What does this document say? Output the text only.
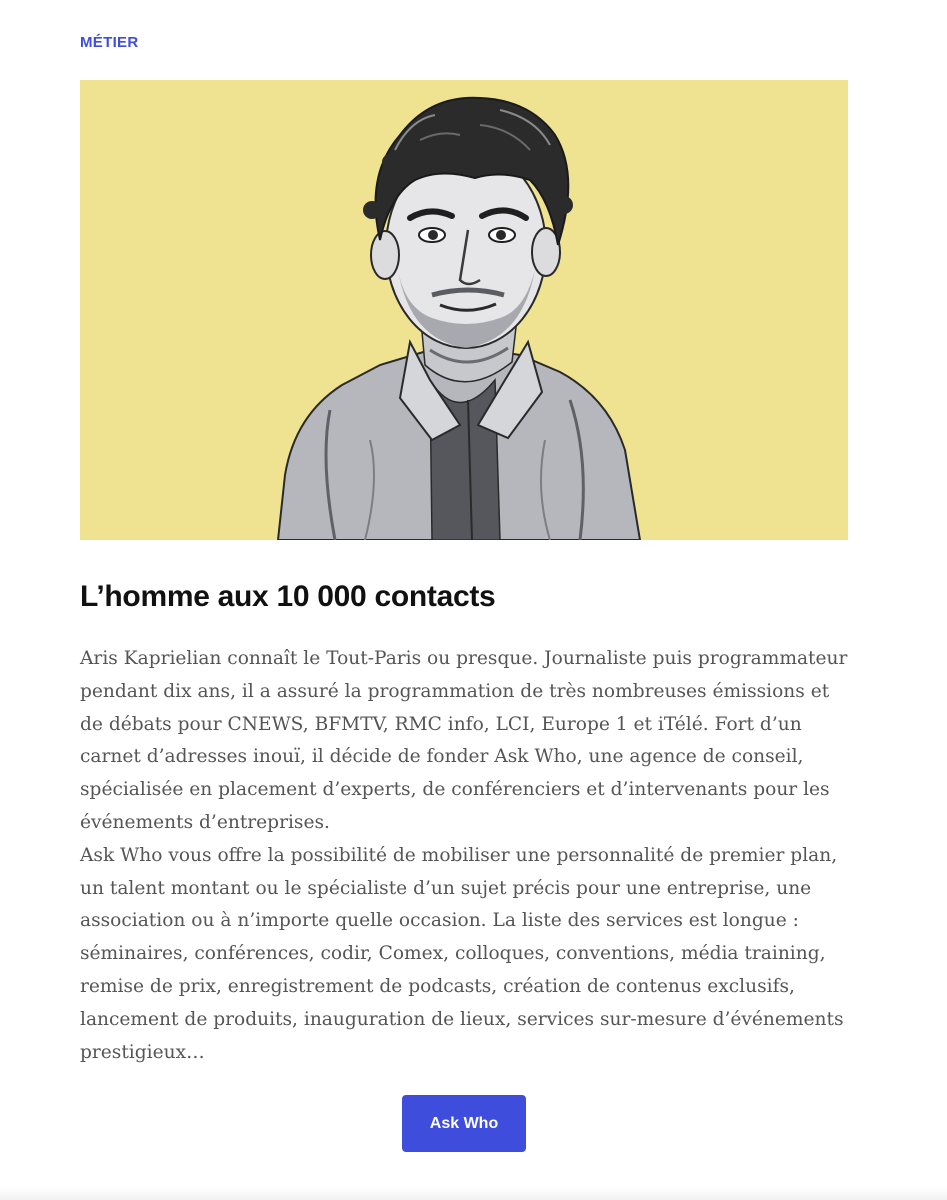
MÉTIER
L’homme aux 10 000 contacts

Aris Kaprielian connaît le Tout-Paris ou presque. Journaliste puis programmateur pendant dix ans, il a assuré la programmation de très nombreuses émissions et de débats pour CNEWS, BFMTV, RMC info, LCI, Europe 1 et iTélé. Fort d’un carnet d’adresses inouï, il décide de fonder Ask Who, une agence de conseil, spécialisée en placement d’experts, de conférenciers et d’intervenants pour les événements d’entreprises.

Ask Who vous offre la possibilité de mobiliser une personnalité de premier plan, un talent montant ou le spécialiste d’un sujet précis pour une entreprise, une association ou à n’importe quelle occasion. La liste des services est longue : séminaires, conférences, codir, Comex, colloques, conventions, média training, remise de prix, enregistrement de podcasts, création de contenus exclusifs, lancement de produits, inauguration de lieux, services sur-mesure d’événements prestigieux…

Ask Who
